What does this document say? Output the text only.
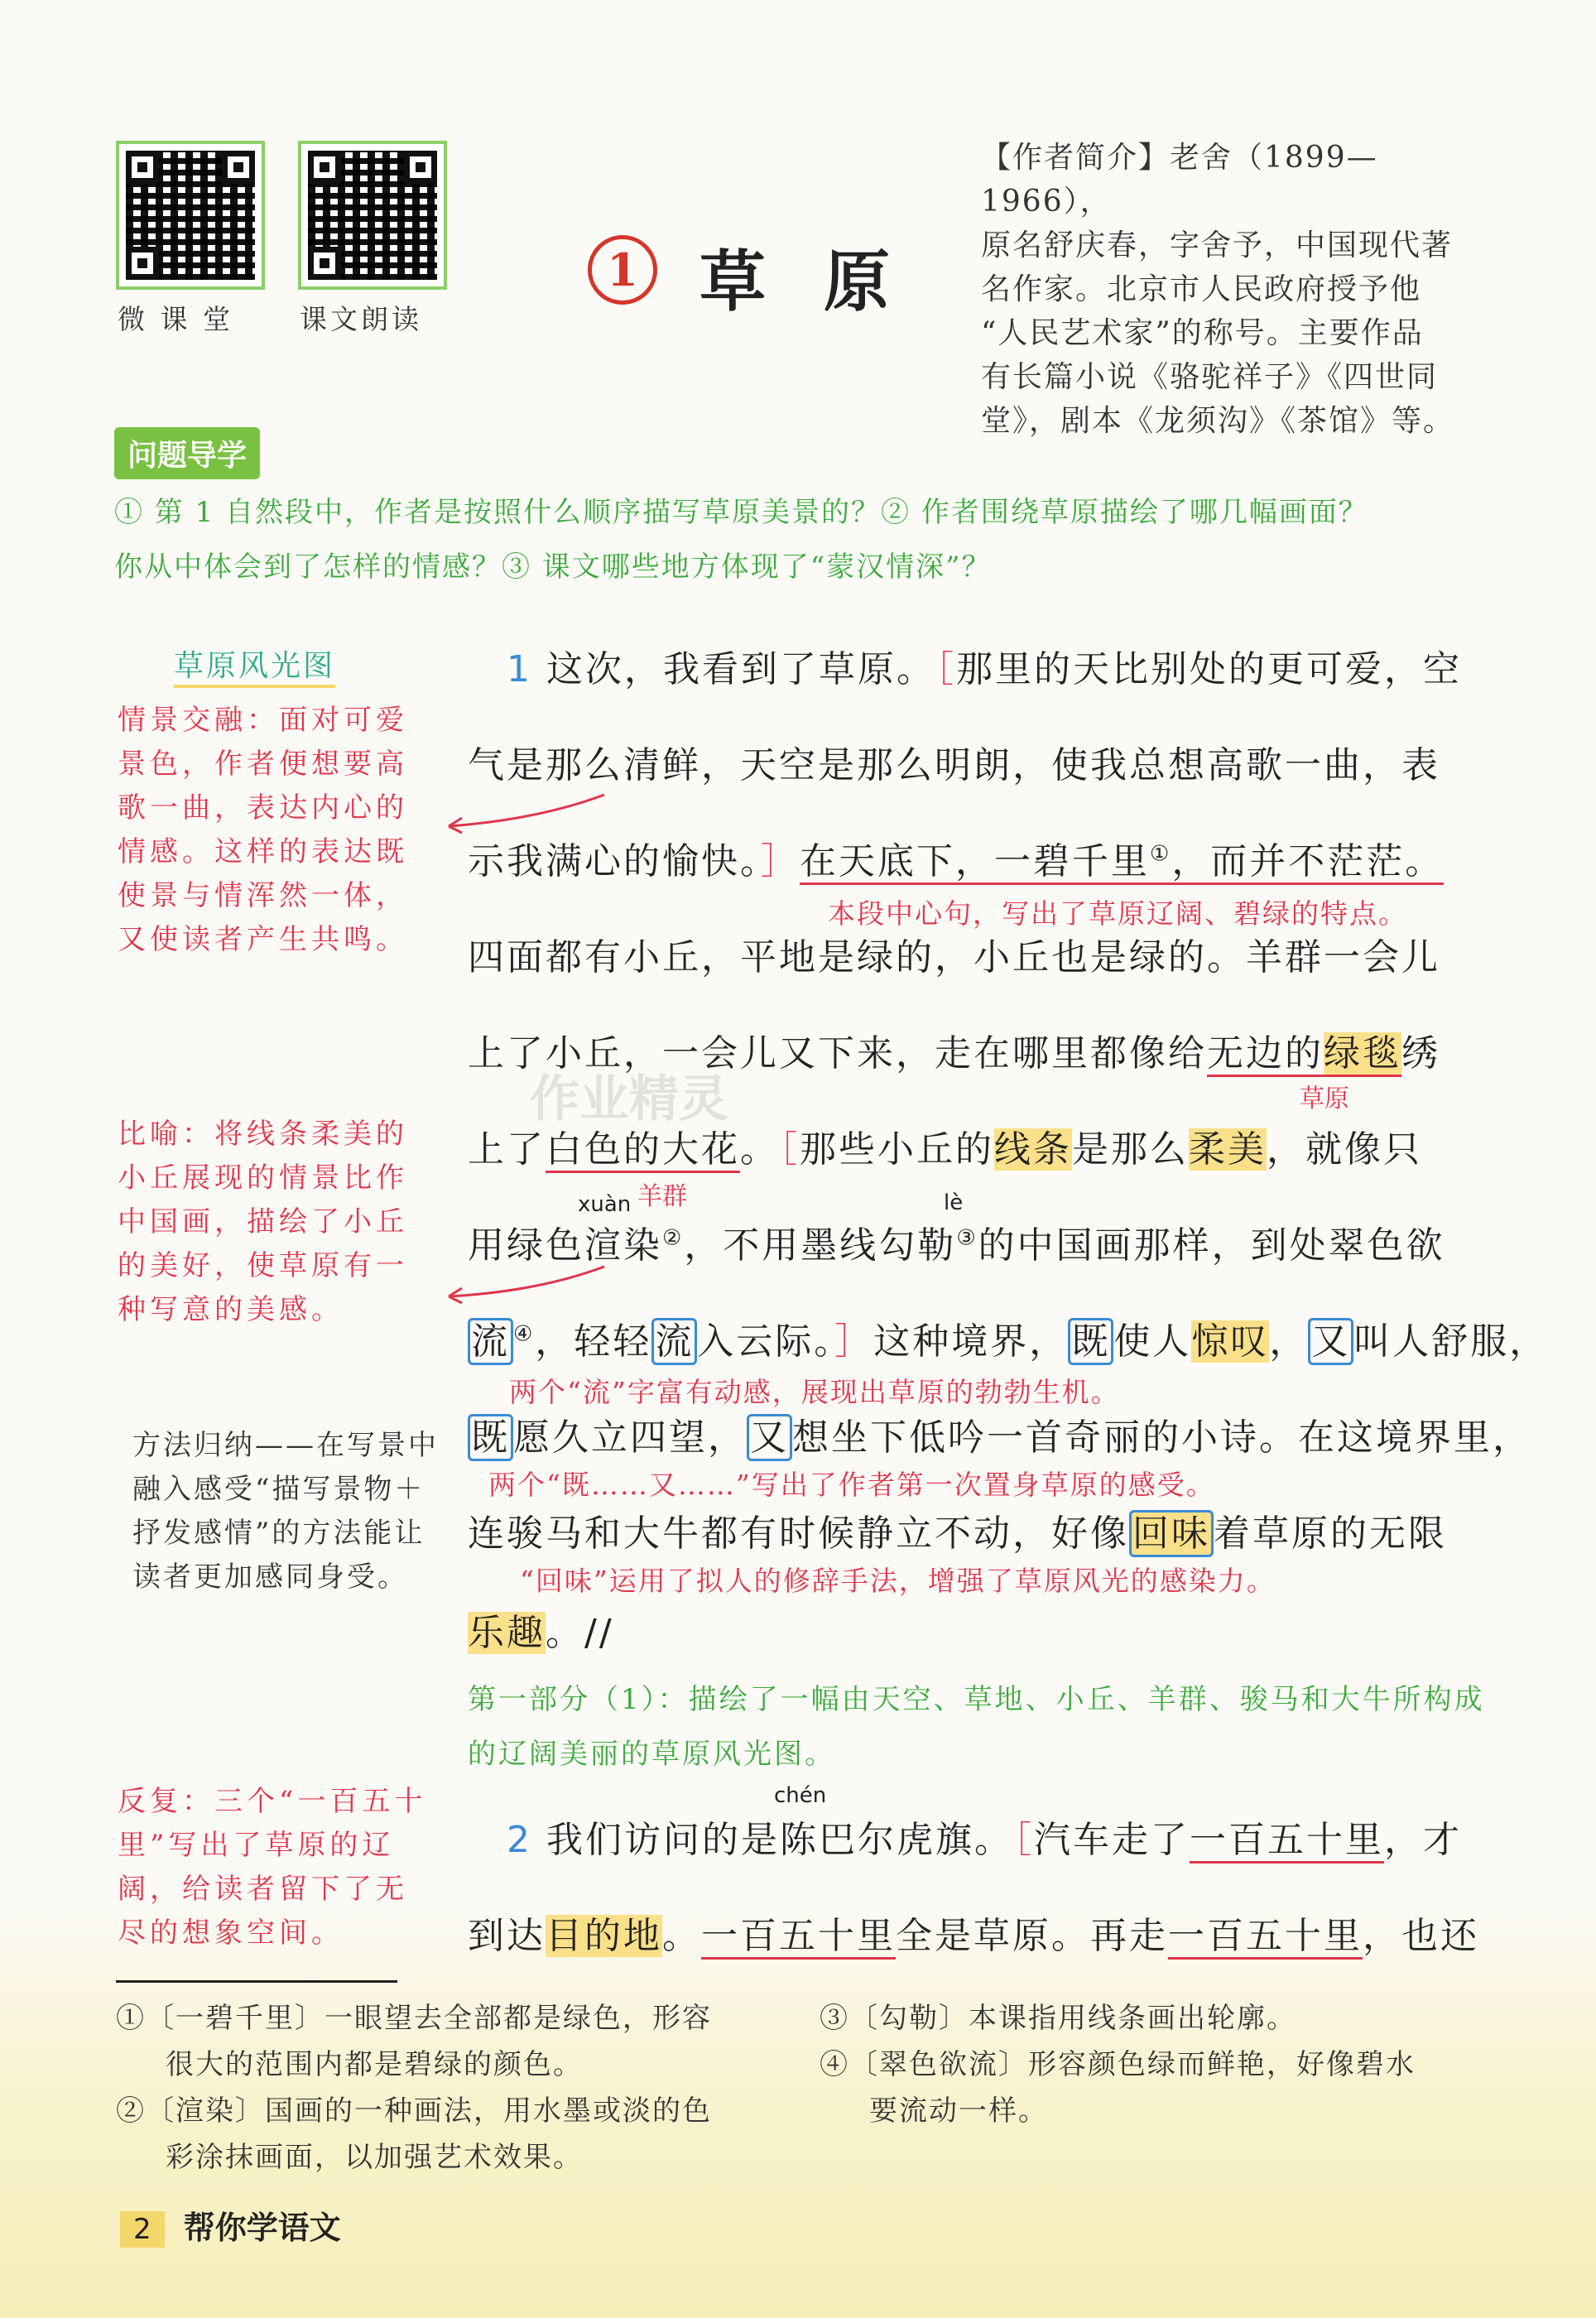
微 课 堂 课文朗读
1 草原
【作者简介】老舍（1899—1966），
原名舒庆春，字舍予，中国现代著
名作家。北京市人民政府授予他
“人民艺术家”的称号。主要作品
有长篇小说《骆驼祥子》《四世同
堂》，剧本《龙须沟》《茶馆》等。
问题导学
① 第 1 自然段中，作者是按照什么顺序描写草原美景的？② 作者围绕草原描绘了哪几幅画面？
你从中体会到了怎样的情感？③ 课文哪些地方体现了“蒙汉情深”？
草原风光图
情景交融：面对可爱景色，作者便想要高歌一曲，表达内心的情感。这样的表达既使景与情浑然一体，又使读者产生共鸣。
比喻：将线条柔美的小丘展现的情景比作中国画，描绘了小丘的美好，使草原有一种写意的美感。
方法归纳——在写景中融入感受“描写景物＋抒发感情”的方法能让读者更加感同身受。
反复：三个“一百五十里”写出了草原的辽阔，给读者留下了无尽的想象空间。
作业精灵
1 这次，我看到了草原。［那里的天比别处的更可爱，空
气是那么清鲜，天空是那么明朗，使我总想高歌一曲，表
示我满心的愉快。］在天底下，一碧千里①，而并不茫茫。
本段中心句，写出了草原辽阔、碧绿的特点。
四面都有小丘，平地是绿的，小丘也是绿的。羊群一会儿
上了小丘，一会儿又下来，走在哪里都像给无边的绿毯绣
草原
上了白色的大花。［那些小丘的线条是那么柔美，就像只
羊群
xuàn	lè
用绿色渲染②，不用墨线勾勒③的中国画那样，到处翠色欲
流 ④，轻轻流入云际。］这种境界，既使人惊叹，又叫人舒服，
两个“流”字富有动感，展现出草原的勃勃生机。
既愿久立四望，又想坐下低吟一首奇丽的小诗。在这境界里，
两个“既……又……”写出了作者第一次置身草原的感受。
连骏马和大牛都有时候静立不动，好像回味着草原的无限
“回味”运用了拟人的修辞手法，增强了草原风光的感染力。
乐趣。//
第一部分（1）：描绘了一幅由天空、草地、小丘、羊群、骏马和大牛所构成的辽阔美丽的草原风光图。
chén
2 我们访问的是陈巴尔虎旗。［汽车走了一百五十里，才
到达目的地。一百五十里全是草原。再走一百五十里，也还
①〔一碧千里〕一眼望去全部都是绿色，形容
很大的范围内都是碧绿的颜色。
②〔渲染〕国画的一种画法，用水墨或淡的色
彩涂抹画面，以加强艺术效果。
③〔勾勒〕本课指用线条画出轮廓。
④〔翠色欲流〕形容颜色绿而鲜艳，好像碧水
要流动一样。
2 帮你学语文
